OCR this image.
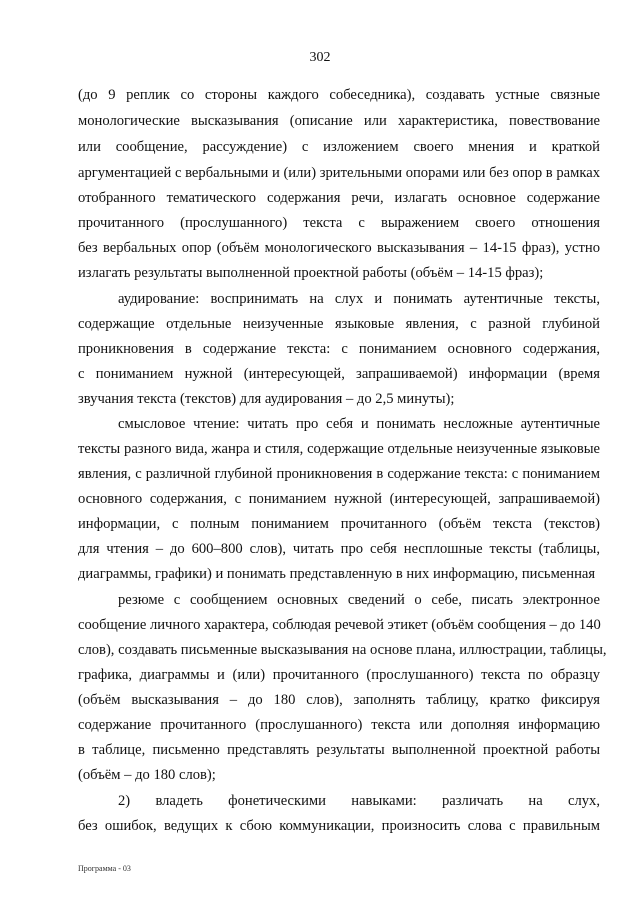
302
(до 9 реплик со стороны каждого собеседника), создавать устные связные
монологические высказывания (описание или характеристика, повествование
или сообщение, рассуждение) с изложением своего мнения и краткой
аргументацией с вербальными и (или) зрительными опорами или без опор в рамках
отобранного тематического содержания речи, излагать основное содержание
прочитанного (прослушанного) текста с выражением своего отношения
без вербальных опор (объём монологического высказывания – 14-15 фраз), устно
излагать результаты выполненной проектной работы (объём – 14-15 фраз);
аудирование: воспринимать на слух и понимать аутентичные тексты,
содержащие отдельные неизученные языковые явления, с разной глубиной
проникновения в содержание текста: с пониманием основного содержания,
с пониманием нужной (интересующей, запрашиваемой) информации (время
звучания текста (текстов) для аудирования – до 2,5 минуты);
смысловое чтение: читать про себя и понимать несложные аутентичные
тексты разного вида, жанра и стиля, содержащие отдельные неизученные языковые
явления, с различной глубиной проникновения в содержание текста: с пониманием
основного содержания, с пониманием нужной (интересующей, запрашиваемой)
информации, с полным пониманием прочитанного (объём текста (текстов)
для чтения – до 600–800 слов), читать про себя несплошные тексты (таблицы,
диаграммы, графики) и понимать представленную в них информацию, письменная
резюме с сообщением основных сведений о себе, писать электронное
сообщение личного характера, соблюдая речевой этикет (объём сообщения – до 140
слов), создавать письменные высказывания на основе плана, иллюстрации, таблицы,
графика, диаграммы и (или) прочитанного (прослушанного) текста по образцу
(объём высказывания – до 180 слов), заполнять таблицу, кратко фиксируя
содержание прочитанного (прослушанного) текста или дополняя информацию
в таблице, письменно представлять результаты выполненной проектной работы
(объём – до 180 слов);
2) владеть фонетическими навыками: различать на слух,
без ошибок, ведущих к сбою коммуникации, произносить слова с правильным
Программа - 03
